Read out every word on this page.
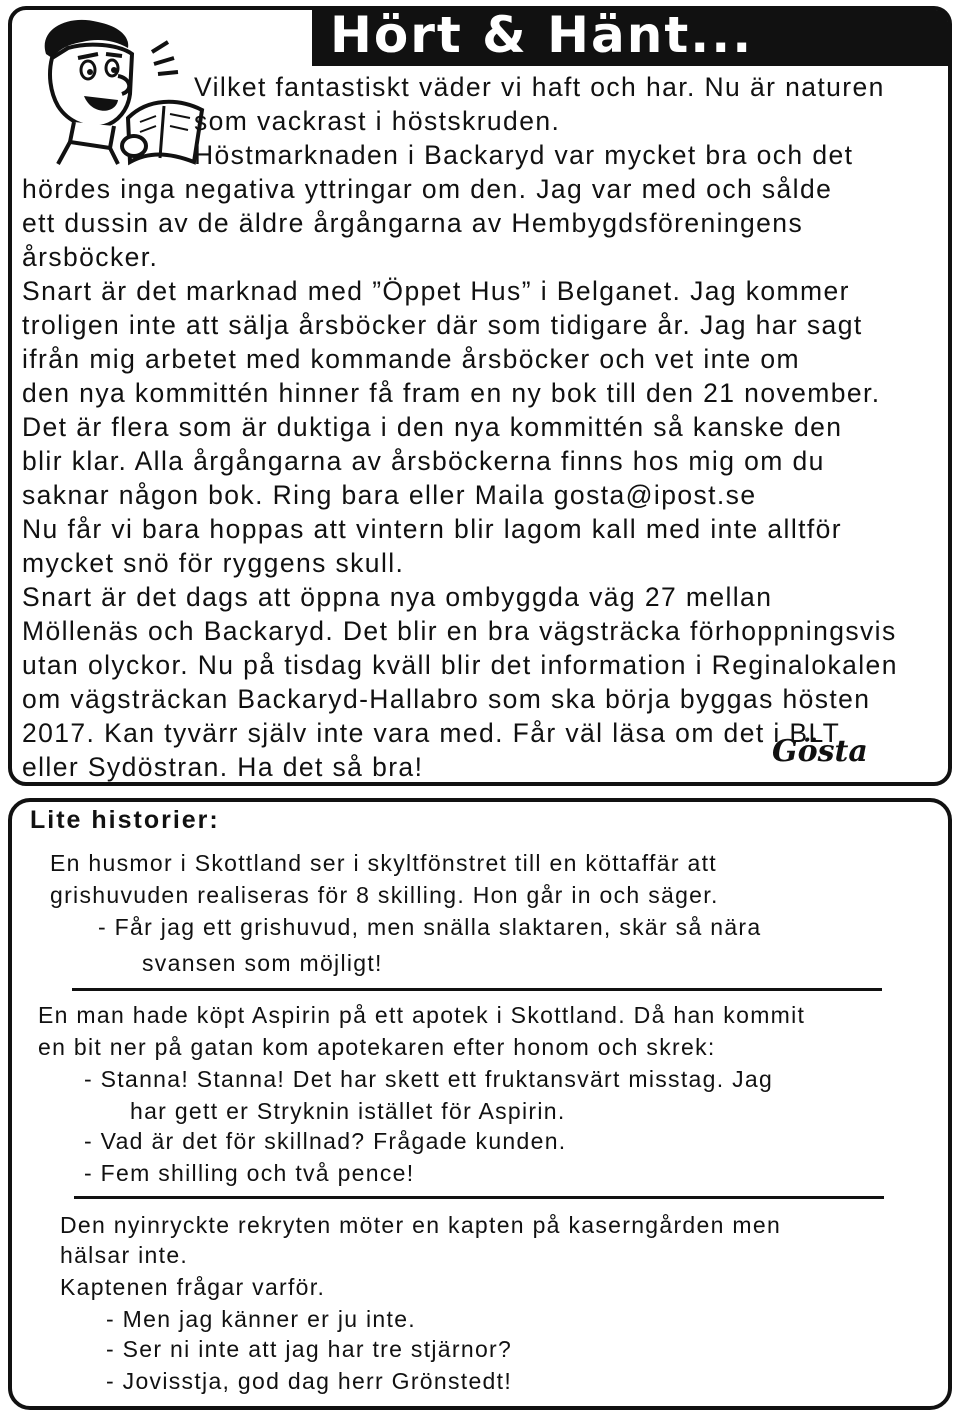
Hört & Hänt...
Vilket fantastiskt väder vi haft och har. Nu är naturen
som vackrast i höstskruden.
Höstmarknaden i Backaryd var mycket bra och det
hördes inga negativa yttringar om den. Jag var med och sålde
ett dussin av de äldre årgångarna av Hembygdsföreningens
årsböcker.
Snart är det marknad med ”Öppet Hus” i Belganet. Jag kommer
troligen inte att sälja årsböcker där som tidigare år. Jag har sagt
ifrån mig arbetet med kommande årsböcker och vet inte om
den nya kommittén hinner få fram en ny bok till den 21 november.
Det är flera som är duktiga i den nya kommittén så kanske den
blir klar. Alla årgångarna av årsböckerna finns hos mig om du
saknar någon bok. Ring bara eller Maila gosta@ipost.se
Nu får vi bara hoppas att vintern blir lagom kall med inte alltför
mycket snö för ryggens skull.
Snart är det dags att öppna nya ombyggda väg 27 mellan
Möllenäs och Backaryd. Det blir en bra vägsträcka förhoppningsvis
utan olyckor. Nu på tisdag kväll blir det information i Reginalokalen
om vägsträckan Backaryd-Hallabro som ska börja byggas hösten
2017. Kan tyvärr själv inte vara med. Får väl läsa om det i BLT
eller Sydöstran. Ha det så bra!	Gösta
Lite historier:
En husmor i Skottland ser i skyltfönstret till en köttaffär att
grishuvuden realiseras för 8 skilling. Hon går in och säger.
- Får jag ett grishuvud, men snälla slaktaren, skär så nära
svansen som möjligt!
En man hade köpt Aspirin på ett apotek i Skottland. Då han kommit
en bit ner på gatan kom apotekaren efter honom och skrek:
- Stanna! Stanna! Det har skett ett fruktansvärt misstag. Jag
har gett er Stryknin istället för Aspirin.
- Vad är det för skillnad? Frågade kunden.
- Fem shilling och två pence!
Den nyinryckte rekryten möter en kapten på kaserngården men
hälsar inte.
Kaptenen frågar varför.
- Men jag känner er ju inte.
- Ser ni inte att jag har tre stjärnor?
- Jovisstja, god dag herr Grönstedt!
